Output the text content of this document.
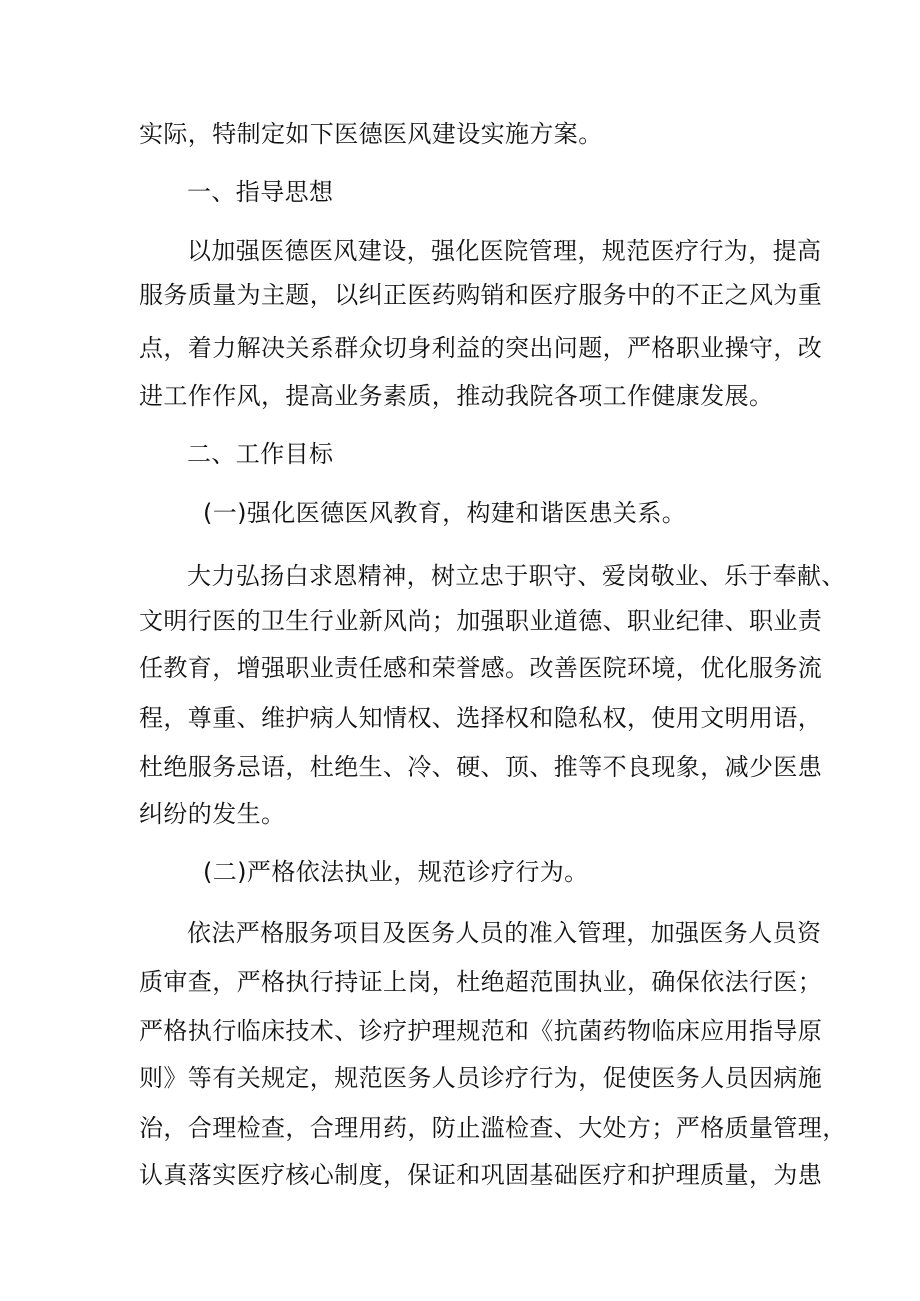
实际，特制定如下医德医风建设实施方案。
一、指导思想
以加强医德医风建设，强化医院管理，规范医疗行为，提高
服务质量为主题，以纠正医药购销和医疗服务中的不正之风为重
点，着力解决关系群众切身利益的突出问题，严格职业操守，改
进工作作风，提高业务素质，推动我院各项工作健康发展。
二、工作目标
(一)强化医德医风教育，构建和谐医患关系。
大力弘扬白求恩精神，树立忠于职守、爱岗敬业、乐于奉献、
文明行医的卫生行业新风尚；加强职业道德、职业纪律、职业责
任教育，增强职业责任感和荣誉感。改善医院环境，优化服务流
程，尊重、维护病人知情权、选择权和隐私权，使用文明用语，
杜绝服务忌语，杜绝生、冷、硬、顶、推等不良现象，减少医患
纠纷的发生。
(二)严格依法执业，规范诊疗行为。
依法严格服务项目及医务人员的准入管理，加强医务人员资
质审查，严格执行持证上岗，杜绝超范围执业，确保依法行医；
严格执行临床技术、诊疗护理规范和《抗菌药物临床应用指导原
则》等有关规定，规范医务人员诊疗行为，促使医务人员因病施
治，合理检查，合理用药，防止滥检查、大处方；严格质量管理，
认真落实医疗核心制度，保证和巩固基础医疗和护理质量，为患
